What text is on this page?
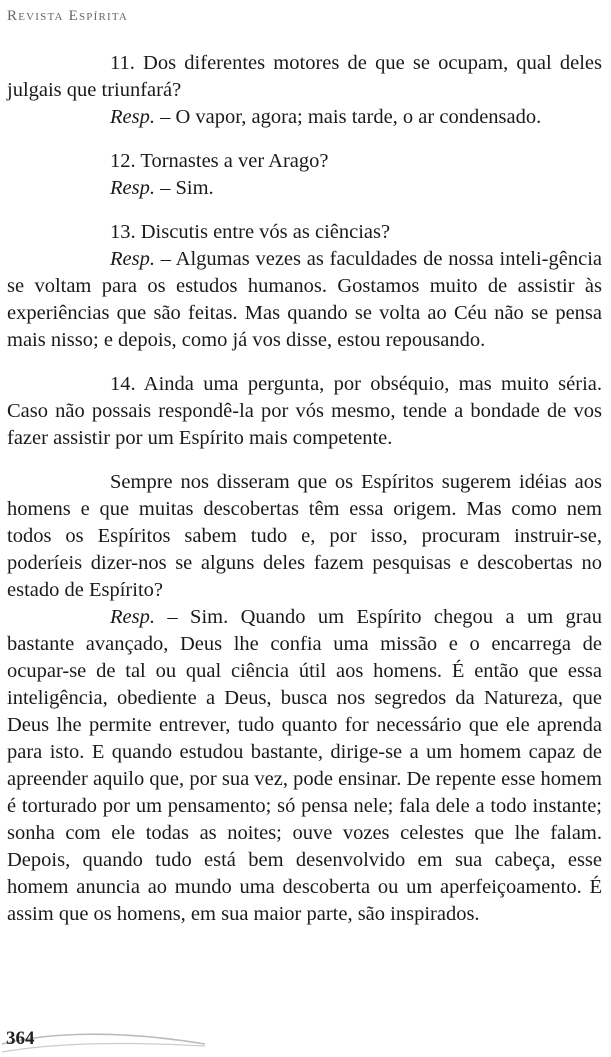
Revista Espírita

11. Dos diferentes motores de que se ocupam, qual deles julgais que triunfará?

Resp. – O vapor, agora; mais tarde, o ar condensado.

12. Tornastes a ver Arago?

Resp. – Sim.

13. Discutis entre vós as ciências?

Resp. – Algumas vezes as faculdades de nossa inteli-gência se voltam para os estudos humanos. Gostamos muito de assistir às experiências que são feitas. Mas quando se volta ao Céu não se pensa mais nisso; e depois, como já vos disse, estou repousando.

14. Ainda uma pergunta, por obséquio, mas muito séria. Caso não possais respondê-la por vós mesmo, tende a bondade de vos fazer assistir por um Espírito mais competente.

Sempre nos disseram que os Espíritos sugerem idéias aos homens e que muitas descobertas têm essa origem. Mas como nem todos os Espíritos sabem tudo e, por isso, procuram instruir-se, poderíeis dizer-nos se alguns deles fazem pesquisas e descobertas no estado de Espírito?

Resp. – Sim. Quando um Espírito chegou a um grau bastante avançado, Deus lhe confia uma missão e o encarrega de ocupar-se de tal ou qual ciência útil aos homens. É então que essa inteligência, obediente a Deus, busca nos segredos da Natureza, que Deus lhe permite entrever, tudo quanto for necessário que ele aprenda para isto. E quando estudou bastante, dirige-se a um homem capaz de apreender aquilo que, por sua vez, pode ensinar. De repente esse homem é torturado por um pensamento; só pensa nele; fala dele a todo instante; sonha com ele todas as noites; ouve vozes celestes que lhe falam. Depois, quando tudo está bem desenvolvido em sua cabeça, esse homem anuncia ao mundo uma descoberta ou um aperfeiçoamento. É assim que os homens, em sua maior parte, são inspirados.

364
